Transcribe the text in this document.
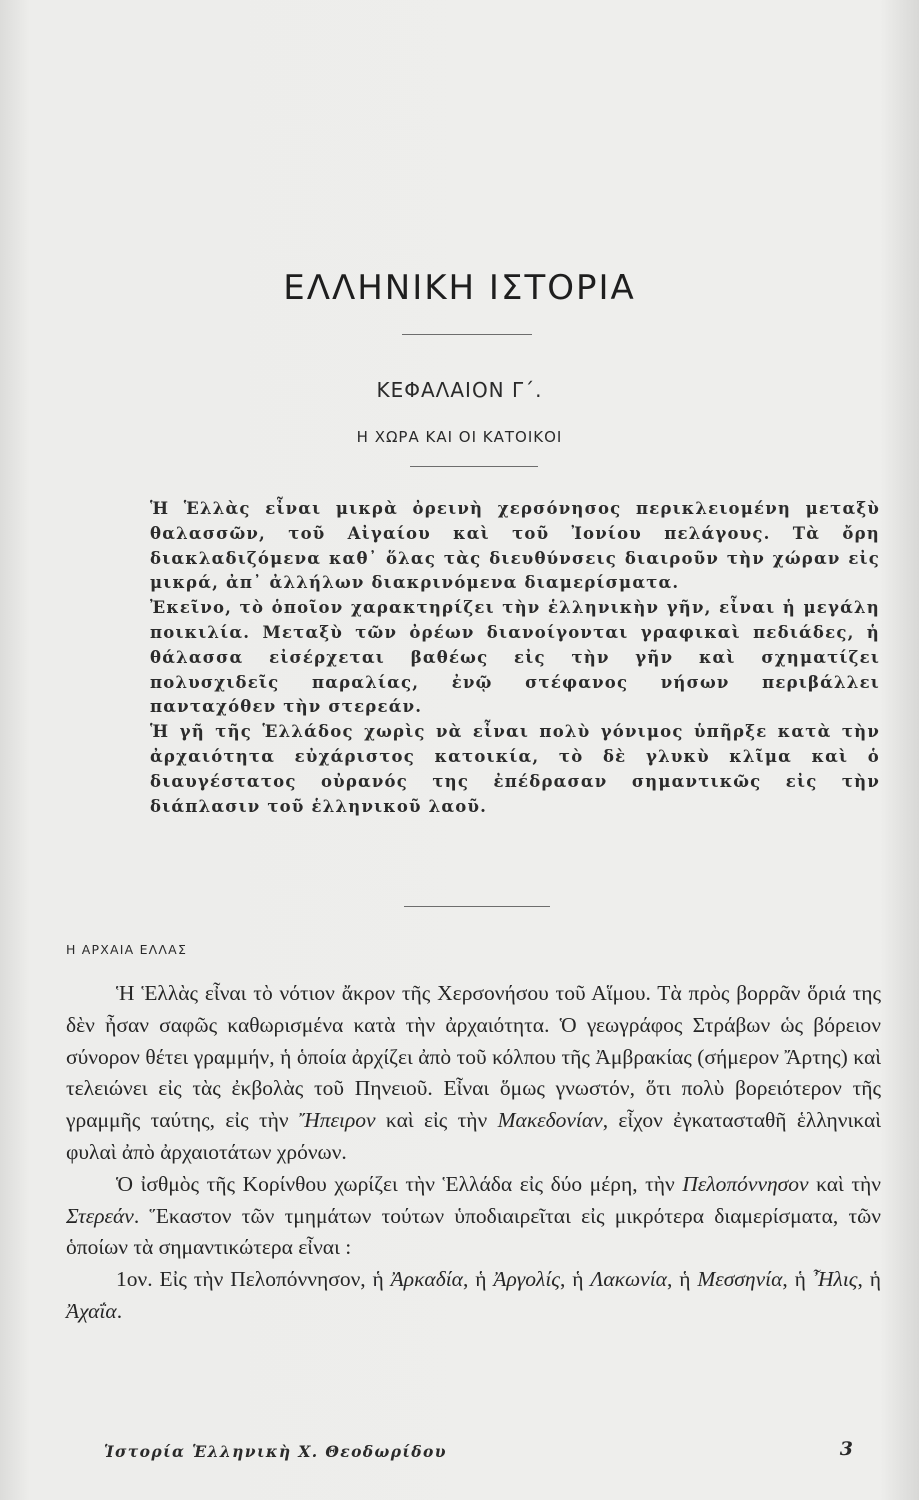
ΕΛΛΗΝΙΚΗ ΙΣΤΟΡΙΑ
ΚΕΦΑΛΑΙΟΝ Γ΄.
Η ΧΩΡΑ ΚΑΙ ΟΙ ΚΑΤΟΙΚΟΙ

Ἡ Ἑλλὰς εἶναι μικρὰ ὀρεινὴ χερσόνησος περικλειομένη μεταξὺ θαλασσῶν, τοῦ Αἰγαίου καὶ τοῦ Ἰονίου πελάγους. Τὰ ὄρη διακλαδιζόμενα καθ᾿ ὅλας τὰς διευθύνσεις διαιροῦν τὴν χώραν εἰς μικρά, ἀπ᾿ ἀλλήλων διακρινόμενα διαμερίσματα.

Ἐκεῖνο, τὸ ὁποῖον χαρακτηρίζει τὴν ἑλληνικὴν γῆν, εἶναι ἡ μεγάλη ποικιλία. Μεταξὺ τῶν ὀρέων διανοίγονται γραφικαὶ πεδιάδες, ἡ θάλασσα εἰσέρχεται βαθέως εἰς τὴν γῆν καὶ σχηματίζει πολυσχιδεῖς παραλίας, ἐνῷ στέφανος νήσων περιβάλλει πανταχόθεν τὴν στερεάν.

Ἡ γῆ τῆς Ἑλλάδος χωρὶς νὰ εἶναι πολὺ γόνιμος ὑπῆρξε κατὰ τὴν ἀρχαιότητα εὐχάριστος κατοικία, τὸ δὲ γλυκὺ κλῖμα καὶ ὁ διαυγέστατος οὐρανός της ἐπέδρασαν σημαντικῶς εἰς τὴν διάπλασιν τοῦ ἑλληνικοῦ λαοῦ.

Η ΑΡΧΑΙΑ ΕΛΛΑΣ

Ἡ Ἑλλὰς εἶναι τὸ νότιον ἄκρον τῆς Χερσονήσου τοῦ Αἵμου. Τὰ πρὸς βορρᾶν ὅριά της δὲν ἦσαν σαφῶς καθωρισμένα κατὰ τὴν ἀρχαιότητα. Ὁ γεωγράφος Στράβων ὡς βόρειον σύνορον θέτει γραμμήν, ἡ ὁποία ἀρχίζει ἀπὸ τοῦ κόλπου τῆς Ἀμβρακίας (σήμερον Ἄρτης) καὶ τελειώνει εἰς τὰς ἐκβολὰς τοῦ Πηνειοῦ. Εἶναι ὅμως γνωστόν, ὅτι πολὺ βορειότερον τῆς γραμμῆς ταύτης, εἰς τὴν Ἤπειρον καὶ εἰς τὴν Μακεδονίαν, εἶχον ἐγκατασταθῆ ἑλληνικαὶ φυλαὶ ἀπὸ ἀρχαιοτάτων χρόνων.

Ὁ ἰσθμὸς τῆς Κορίνθου χωρίζει τὴν Ἑλλάδα εἰς δύο μέρη, τὴν Πελοπόννησον καὶ τὴν Στερεάν. Ἕκαστον τῶν τμημάτων τούτων ὑποδιαιρεῖται εἰς μικρότερα διαμερίσματα, τῶν ὁποίων τὰ σημαντικώτερα εἶναι :

1ον. Εἰς τὴν Πελοπόννησον, ἡ Ἀρκαδία, ἡ Ἀργολίς, ἡ Λακωνία, ἡ Μεσσηνία, ἡ Ἦλις, ἡ Ἀχαΐα.

Ἱστορία Ἑλληνικὴ Χ. Θεοδωρίδου	3
